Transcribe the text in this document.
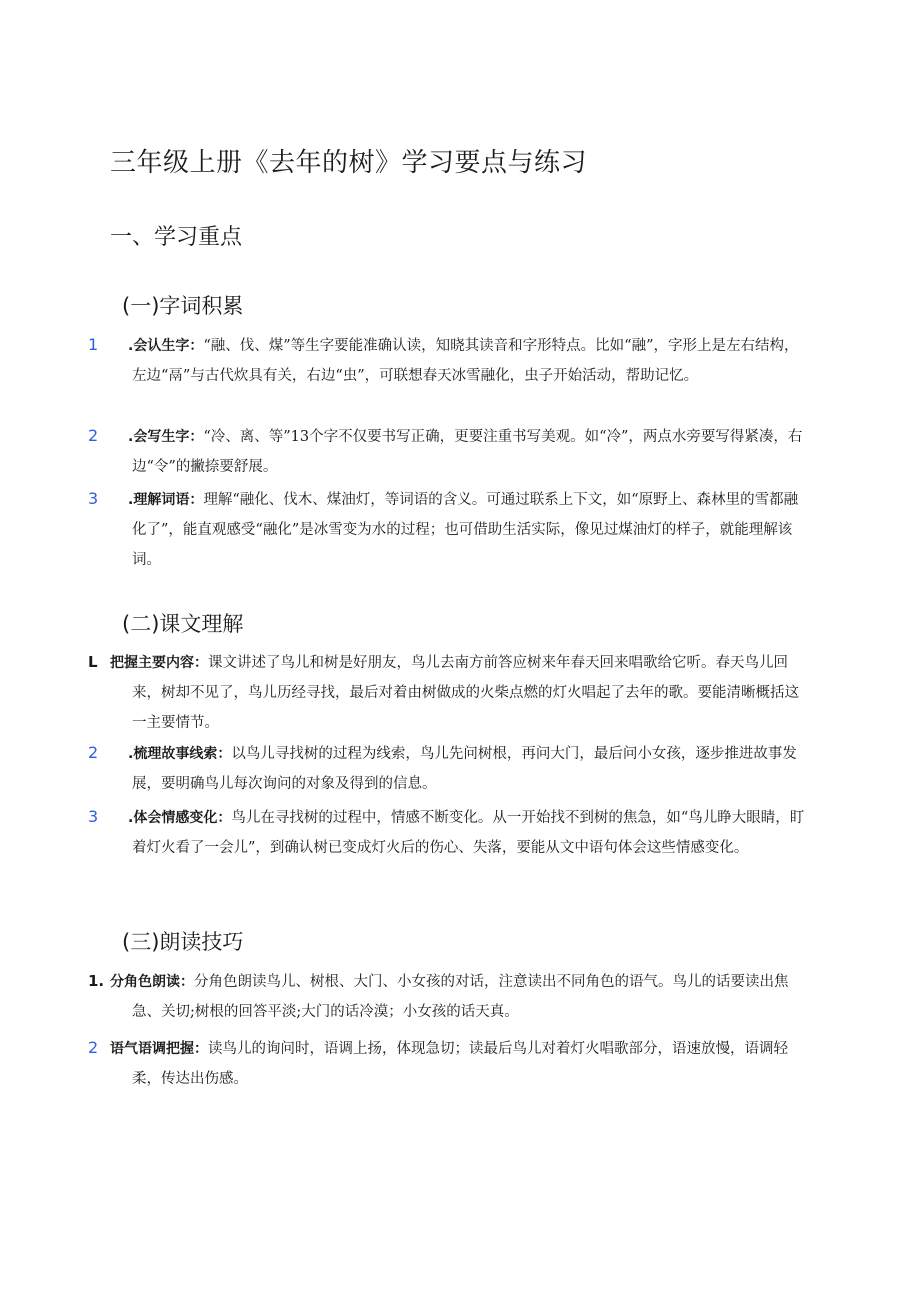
三年级上册《去年的树》学习要点与练习
一、学习重点
(一)字词积累

1 .会认生字：“融、伐、煤”等生字要能准确认读，知晓其读音和字形特点。比如“融”，字形上是左右结构，左边“鬲”与古代炊具有关，右边“虫”，可联想春天冰雪融化，虫子开始活动，帮助记忆。

2 .会写生字：“冷、离、等”13个字不仅要书写正确，更要注重书写美观。如“冷”，两点水旁要写得紧凑，右边“令”的撇捺要舒展。

3 .理解词语：理解“融化、伐木、煤油灯，等词语的含义。可通过联系上下文，如“原野上、森林里的雪都融化了”，能直观感受“融化”是冰雪变为水的过程；也可借助生活实际，像见过煤油灯的样子，就能理解该词。

(二)课文理解

L 把握主要内容：课文讲述了鸟儿和树是好朋友，鸟儿去南方前答应树来年春天回来唱歌给它听。春天鸟儿回来，树却不见了，鸟儿历经寻找，最后对着由树做成的火柴点燃的灯火唱起了去年的歌。要能清晰概括这一主要情节。

2 .梳理故事线索：以鸟儿寻找树的过程为线索，鸟儿先问树根，再问大门，最后问小女孩，逐步推进故事发展，要明确鸟儿每次询问的对象及得到的信息。

3 .体会情感变化：鸟儿在寻找树的过程中，情感不断变化。从一开始找不到树的焦急，如“鸟儿睁大眼睛，盯着灯火看了一会儿”，到确认树已变成灯火后的伤心、失落，要能从文中语句体会这些情感变化。

(三)朗读技巧

1. 分角色朗读：分角色朗读鸟儿、树根、大门、小女孩的对话，注意读出不同角色的语气。鸟儿的话要读出焦急、关切;树根的回答平淡;大门的话冷漠；小女孩的话天真。

2 语气语调把握：读鸟儿的询问时，语调上扬，体现急切；读最后鸟儿对着灯火唱歌部分，语速放慢，语调轻柔，传达出伤感。
